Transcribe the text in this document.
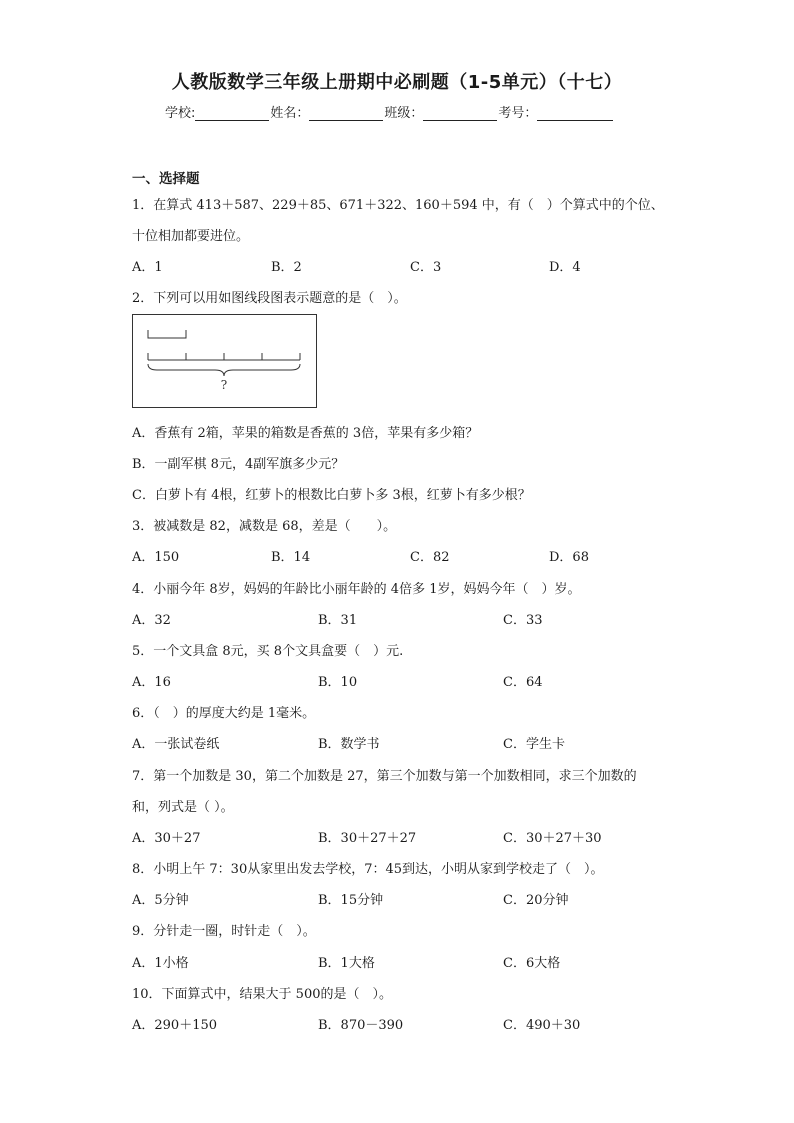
人教版数学三年级上册期中必刷题（1-5单元）（十七）
学校:	姓名：	班级：	考号：
一、选择题
1．在算式 413＋587、229＋85、671＋322、160＋594 中，有（　）个算式中的个位、
十位相加都要进位。
A．1	B．2	C．3	D．4
2．下列可以用如图线段图表示题意的是（　）。
?
A．香蕉有 2箱，苹果的箱数是香蕉的 3倍，苹果有多少箱？
B．一副军棋 8元，4副军旗多少元？
C．白萝卜有 4根，红萝卜的根数比白萝卜多 3根，红萝卜有多少根？
3．被减数是 82，减数是 68，差是（　　）。
A．150	B．14	C．82	D．68
4．小丽今年 8岁，妈妈的年龄比小丽年龄的 4倍多 1岁，妈妈今年（　）岁。
A．32	B．31	C．33
5．一个文具盒 8元，买 8个文具盒要（　）元.
A．16	B．10	C．64
6．（　）的厚度大约是 1毫米。
A．一张试卷纸	B．数学书	C．学生卡
7．第一个加数是 30，第二个加数是 27，第三个加数与第一个加数相同，求三个加数的
和，列式是（ ）。
A．30＋27	B．30＋27＋27	C．30＋27＋30
8．小明上午 7：30从家里出发去学校，7：45到达，小明从家到学校走了（　）。
A．5分钟	B．15分钟	C．20分钟
9．分针走一圈，时针走（　）。
A．1小格	B．1大格	C．6大格
10．下面算式中，结果大于 500的是（　）。
A．290＋150	B．870－390	C．490＋30
